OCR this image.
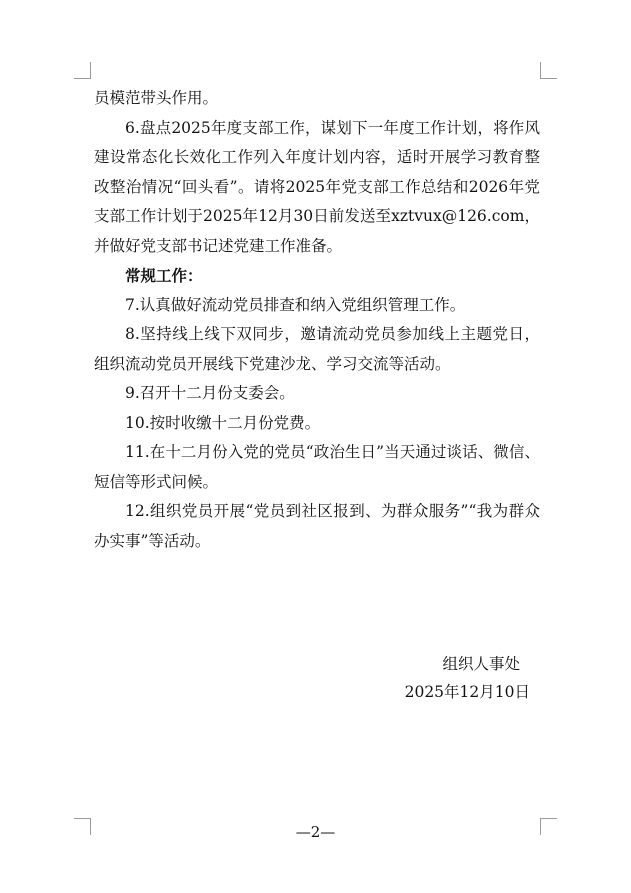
员模范带头作用。

6.盘点2025年度支部工作，谋划下一年度工作计划，将作风建设常态化长效化工作列入年度计划内容，适时开展学习教育整改整治情况“回头看”。请将2025年党支部工作总结和2026年党支部工作计划于2025年12月30日前发送至xztvux@126.com，并做好党支部书记述党建工作准备。

常规工作：

7.认真做好流动党员排查和纳入党组织管理工作。

8.坚持线上线下双同步，邀请流动党员参加线上主题党日，组织流动党员开展线下党建沙龙、学习交流等活动。

9.召开十二月份支委会。

10.按时收缴十二月份党费。

11.在十二月份入党的党员“政治生日”当天通过谈话、微信、短信等形式问候。

12.组织党员开展“党员到社区报到、为群众服务”“我为群众办实事”等活动。

组织人事处
2025年12月10日
—2—
